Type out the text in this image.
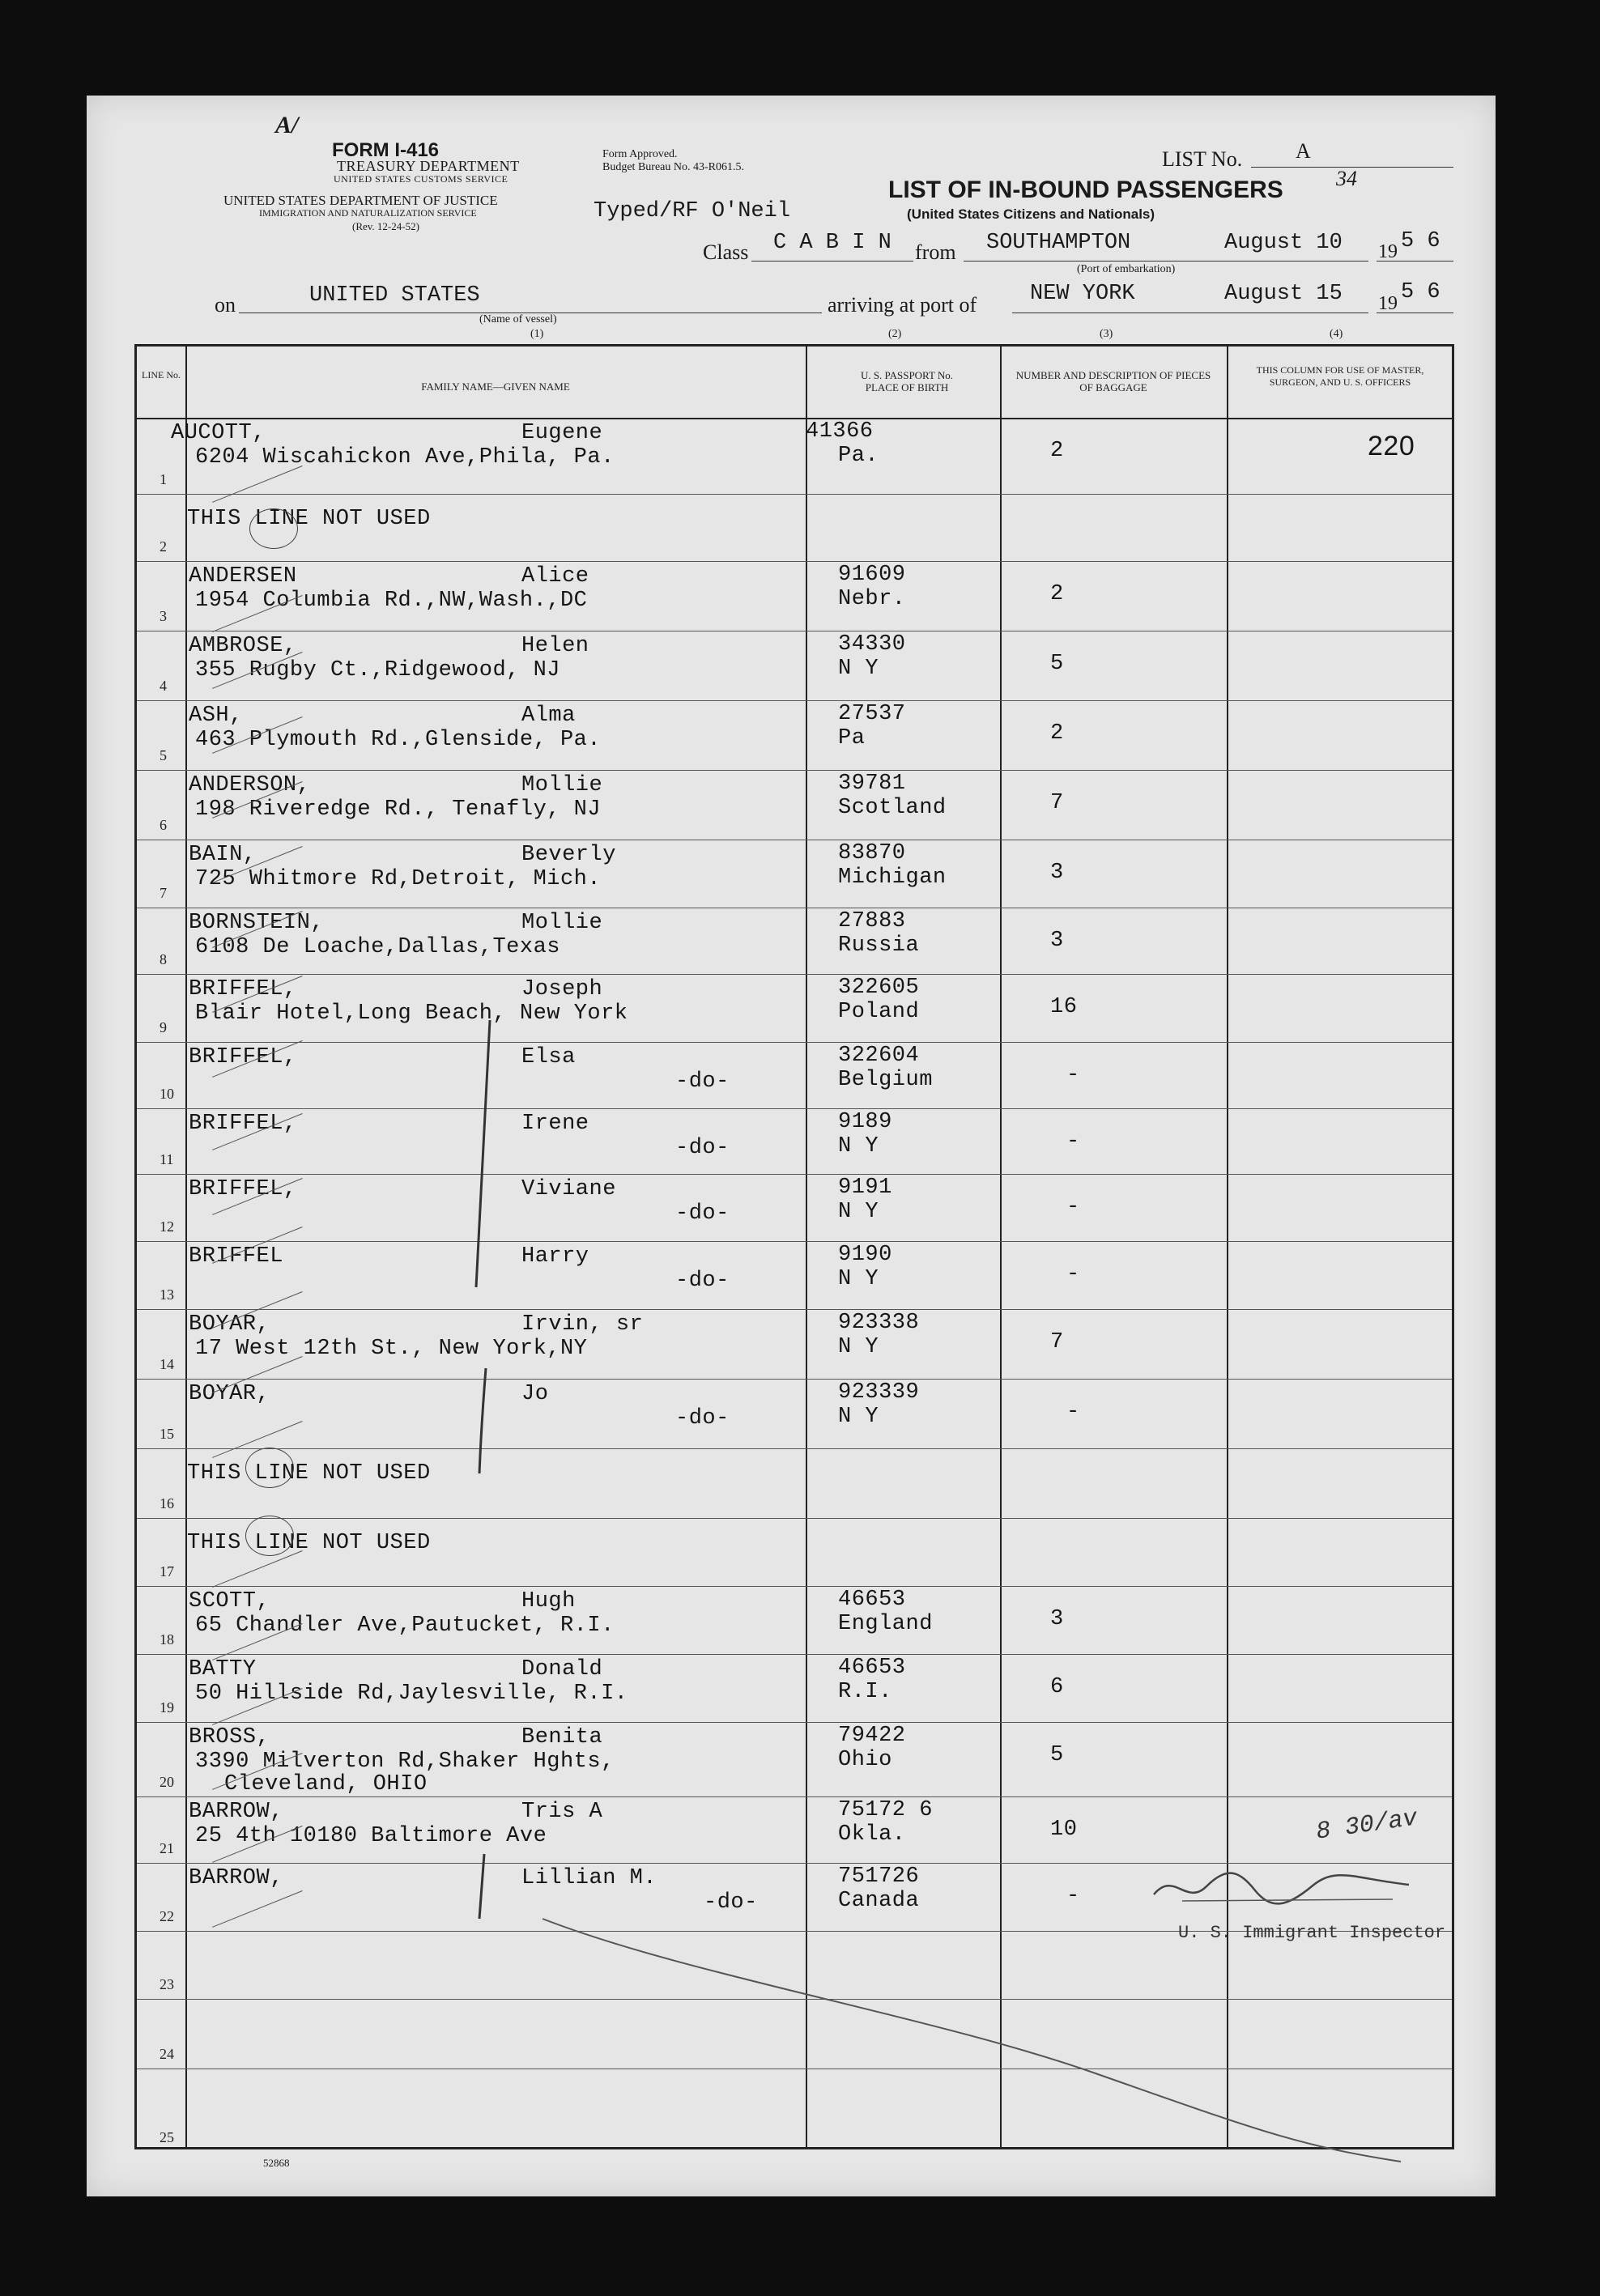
A/
FORM I-416
TREASURY DEPARTMENT
UNITED STATES CUSTOMS SERVICE
UNITED STATES DEPARTMENT OF JUSTICE
IMMIGRATION AND NATURALIZATION SERVICE
(Rev. 12-24-52)
Form Approved.
Budget Bureau No. 43-R061.5.
Typed/RF O'Neil
LIST No.	A
34
LIST OF IN-BOUND PASSENGERS
(United States Citizens and Nationals)
Class C A B I N from SOUTHAMPTON	August 10 19 5 6
(Port of embarkation)
on	UNITED STATES
(Name of vessel)
arriving at port of NEW YORK	August 15 19 5 6
(1)	(2)	(3)	(4)
LINE No.
FAMILY NAME—GIVEN NAME
U. S. PASSPORT No. PLACE OF BIRTH
NUMBER AND DESCRIPTION OF PIECES OF BAGGAGE
THIS COLUMN FOR USE OF MASTER, SURGEON, AND U. S. OFFICERS
1
AUCOTT,	Eugene
6204 Wiscahickon Ave,Phila, Pa.
41366
Pa.	2	220
2
THIS LINE NOT USED
3
ANDERSEN	Alice
1954 Columbia Rd.,NW,Wash.,DC
91609
Nebr.	2
4
AMBROSE,	Helen
355 Rugby Ct.,Ridgewood, NJ
34330
N Y	5
5
ASH,	Alma
463 Plymouth Rd.,Glenside, Pa.
27537
Pa	2
6
ANDERSON,	Mollie
198 Riveredge Rd., Tenafly, NJ
39781
Scotland	7
7
BAIN,	Beverly
725 Whitmore Rd,Detroit, Mich.
83870
Michigan	3
8
BORNSTEIN,	Mollie
6108 De Loache,Dallas,Texas
27883
Russia	3
9
BRIFFEL,	Joseph
Blair Hotel,Long Beach, New York
322605
Poland	16
10
BRIFFEL,	Elsa
-do-
322604
Belgium	-
11
BRIFFEL,	Irene
-do-
9189
N Y	-
12
BRIFFEL,	Viviane
-do-
9191
N Y	-
13
BRIFFEL	Harry
-do-
9190
N Y	-
14
BOYAR,	Irvin, sr
17 West 12th St., New York,NY
923338
N Y	7
15
BOYAR,	Jo
-do-
923339
N Y	-
16
THIS LINE NOT USED
17
THIS LINE NOT USED
18
SCOTT,	Hugh
65 Chandler Ave,Pautucket, R.I.
46653
England	3
19
BATTY	Donald
50 Hillside Rd,Jaylesville, R.I.
46653
R.I.	6
20
BROSS,	Benita
3390 Milverton Rd,Shaker Hghts,
Cleveland, OHIO
79422
Ohio	5
21
BARROW,	Tris A
25 4th 10180 Baltimore Ave
75172 6
Okla.	10
22
BARROW,	Lillian M.
-do-
751726
Canada	-
23
24
25
8 30/av
U. S. Immigrant Inspector
52868
